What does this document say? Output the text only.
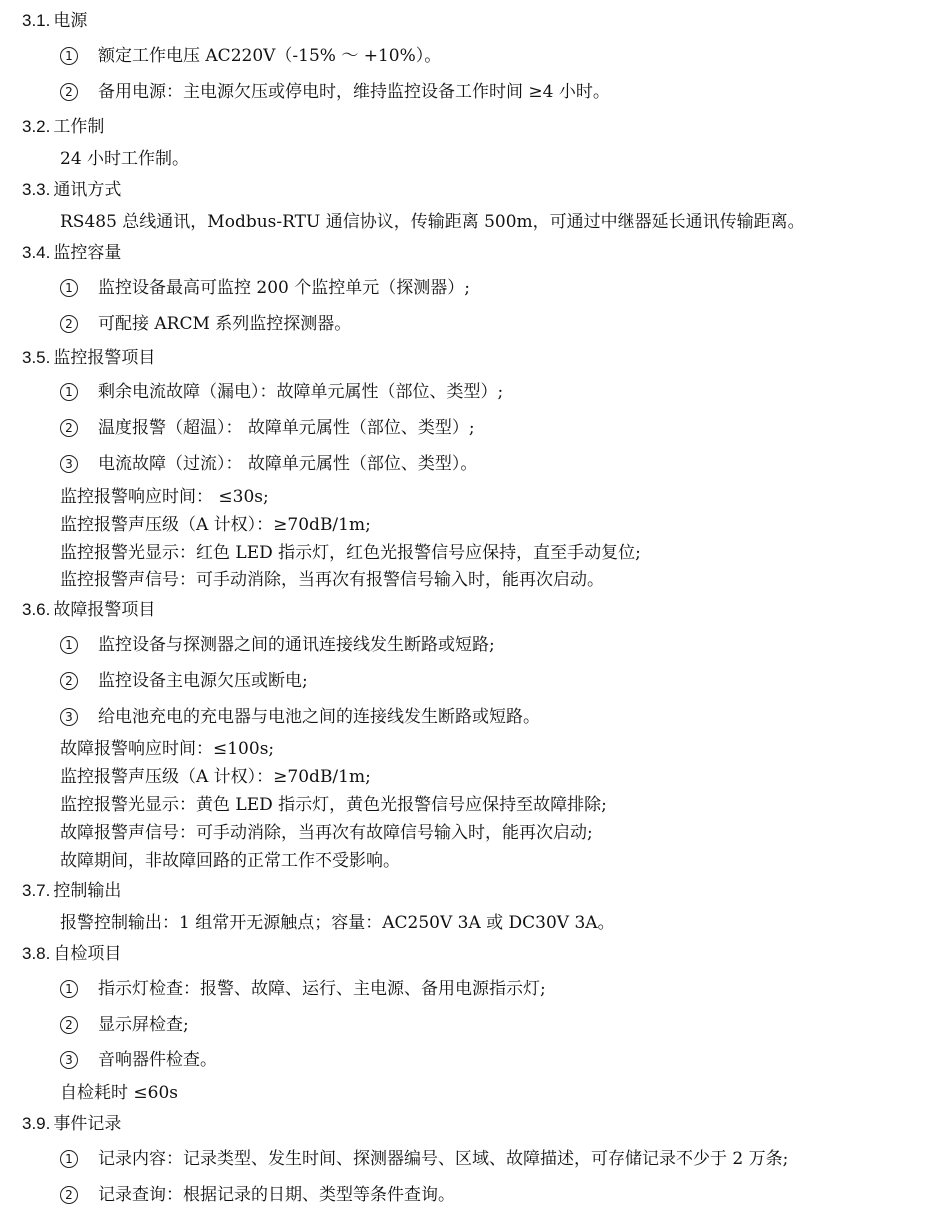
3.1. 电源
1	额定工作电压 AC220V（-15% ～ +10%）。
2	备用电源：主电源欠压或停电时，维持监控设备工作时间 ≥4 小时。
3.2. 工作制
24 小时工作制。
3.3. 通讯方式
RS485 总线通讯，Modbus-RTU 通信协议，传输距离 500m，可通过中继器延长通讯传输距离。
3.4. 监控容量
1	监控设备最高可监控 200 个监控单元（探测器）;
2	可配接 ARCM 系列监控探测器。
3.5. 监控报警项目
1	剩余电流故障（漏电）：故障单元属性（部位、类型）;
2	温度报警（超温）： 故障单元属性（部位、类型）;
3	电流故障（过流）： 故障单元属性（部位、类型）。
监控报警响应时间： ≤30s;
监控报警声压级（A 计权）：≥70dB/1m;
监控报警光显示：红色 LED 指示灯，红色光报警信号应保持，直至手动复位;
监控报警声信号：可手动消除，当再次有报警信号输入时，能再次启动。
3.6. 故障报警项目
1	监控设备与探测器之间的通讯连接线发生断路或短路;
2	监控设备主电源欠压或断电;
3	给电池充电的充电器与电池之间的连接线发生断路或短路。
故障报警响应时间：≤100s;
监控报警声压级（A 计权）：≥70dB/1m;
监控报警光显示：黄色 LED 指示灯，黄色光报警信号应保持至故障排除;
故障报警声信号：可手动消除，当再次有故障信号输入时，能再次启动;
故障期间，非故障回路的正常工作不受影响。
3.7. 控制输出
报警控制输出：1 组常开无源触点；容量：AC250V 3A 或 DC30V 3A。
3.8. 自检项目
1	指示灯检查：报警、故障、运行、主电源、备用电源指示灯;
2	显示屏检查;
3	音响器件检查。
自检耗时 ≤60s
3.9. 事件记录
1	记录内容：记录类型、发生时间、探测器编号、区域、故障描述，可存储记录不少于 2 万条;
2	记录查询：根据记录的日期、类型等条件查询。
